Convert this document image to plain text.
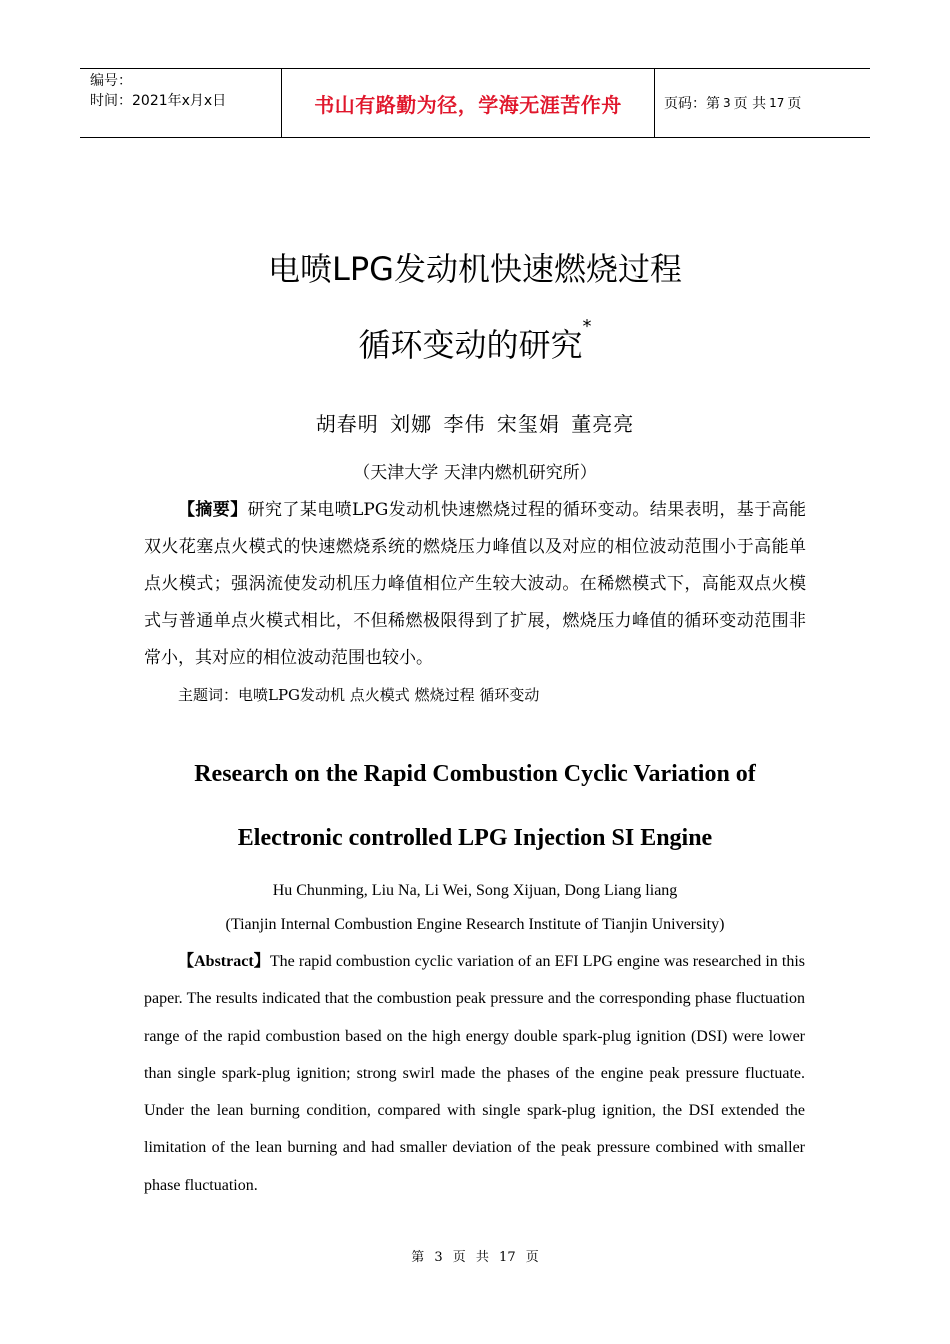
编号：
时间：2021年x月x日	书山有路勤为径，学海无涯苦作舟	页码：第 3 页 共 17 页
电喷LPG发动机快速燃烧过程
循环变动的研究*
胡春明 刘娜 李伟 宋玺娟 董亮亮
（天津大学 天津内燃机研究所）

【摘要】研究了某电喷LPG发动机快速燃烧过程的循环变动。结果表明，基于高能双火花塞点火模式的快速燃烧系统的燃烧压力峰值以及对应的相位波动范围小于高能单点火模式；强涡流使发动机压力峰值相位产生较大波动。在稀燃模式下，高能双点火模式与普通单点火模式相比，不但稀燃极限得到了扩展，燃烧压力峰值的循环变动范围非常小，其对应的相位波动范围也较小。

主题词：电喷LPG发动机 点火模式 燃烧过程 循环变动
Research on the Rapid Combustion Cyclic Variation of
Electronic controlled LPG Injection SI Engine
Hu Chunming, Liu Na, Li Wei, Song Xijuan, Dong Liang liang
(Tianjin Internal Combustion Engine Research Institute of Tianjin University)

【Abstract】The rapid combustion cyclic variation of an EFI LPG engine was researched in this paper. The results indicated that the combustion peak pressure and the corresponding phase fluctuation range of the rapid combustion based on the high energy double spark-plug ignition (DSI) were lower than single spark-plug ignition; strong swirl made the phases of the engine peak pressure fluctuate. Under the lean burning condition, compared with single spark-plug ignition, the DSI extended the limitation of the lean burning and had smaller deviation of the peak pressure combined with smaller phase fluctuation.

第 3 页 共 17 页
